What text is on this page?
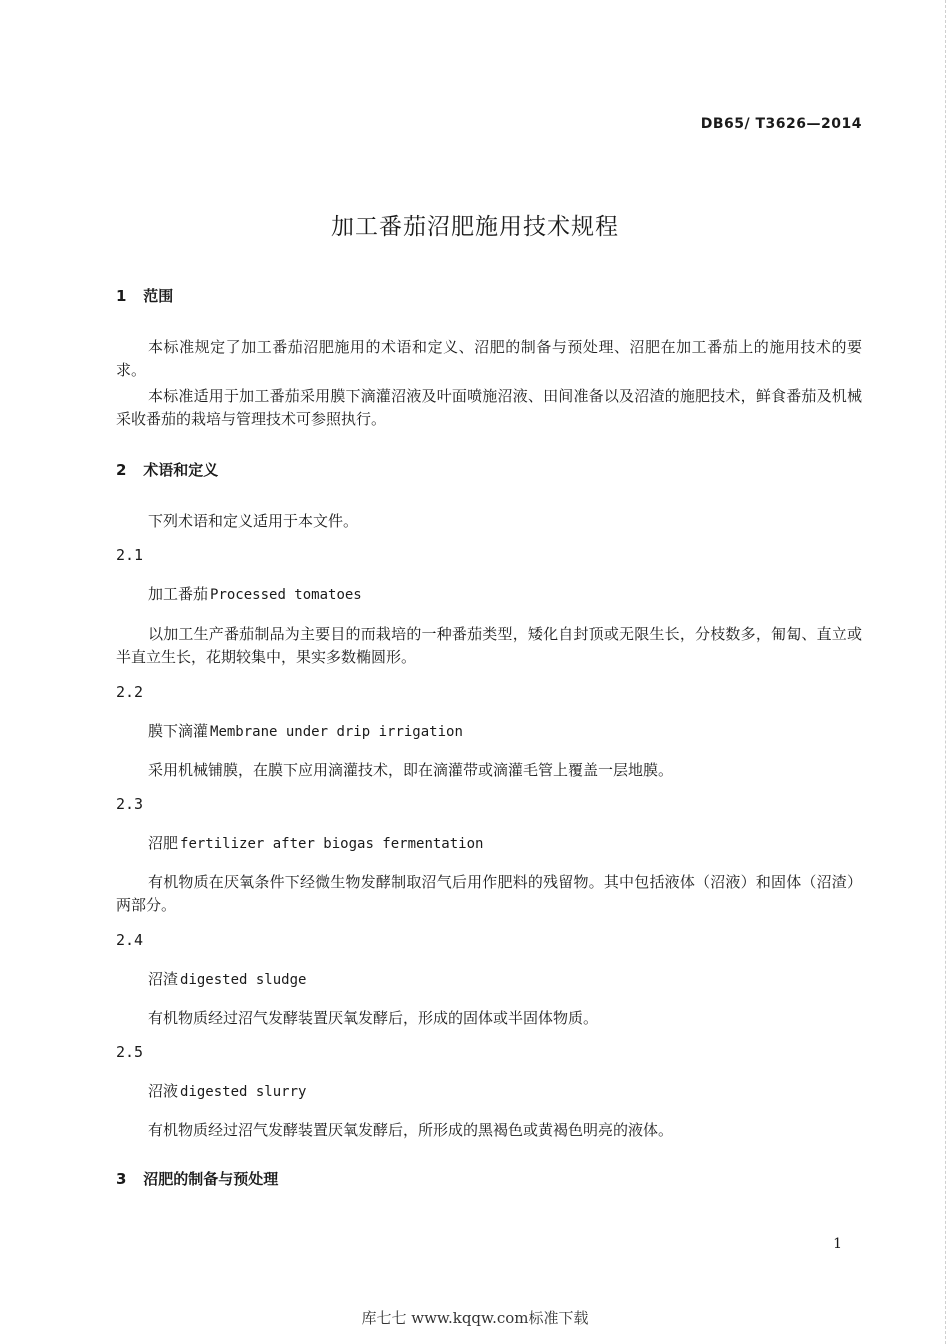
DB65/ T3626—2014
加工番茄沼肥施用技术规程
1 范围
本标准规定了加工番茄沼肥施用的术语和定义、沼肥的制备与预处理、沼肥在加工番茄上的施用技术的要求。
本标准适用于加工番茄采用膜下滴灌沼液及叶面喷施沼液、田间准备以及沼渣的施肥技术，鲜食番茄及机械采收番茄的栽培与管理技术可参照执行。
2 术语和定义
下列术语和定义适用于本文件。
2.1
加工番茄 Processed tomatoes
以加工生产番茄制品为主要目的而栽培的一种番茄类型，矮化自封顶或无限生长，分枝数多，匍匐、直立或半直立生长，花期较集中，果实多数椭圆形。
2.2
膜下滴灌 Membrane under drip irrigation
采用机械铺膜，在膜下应用滴灌技术，即在滴灌带或滴灌毛管上覆盖一层地膜。
2.3
沼肥 fertilizer after biogas fermentation
有机物质在厌氧条件下经微生物发酵制取沼气后用作肥料的残留物。其中包括液体（沼液）和固体（沼渣）两部分。
2.4
沼渣 digested sludge
有机物质经过沼气发酵装置厌氧发酵后，形成的固体或半固体物质。
2.5
沼液 digested slurry
有机物质经过沼气发酵装置厌氧发酵后，所形成的黑褐色或黄褐色明亮的液体。
3 沼肥的制备与预处理
1
库七七 www.kqqw.com标准下载
